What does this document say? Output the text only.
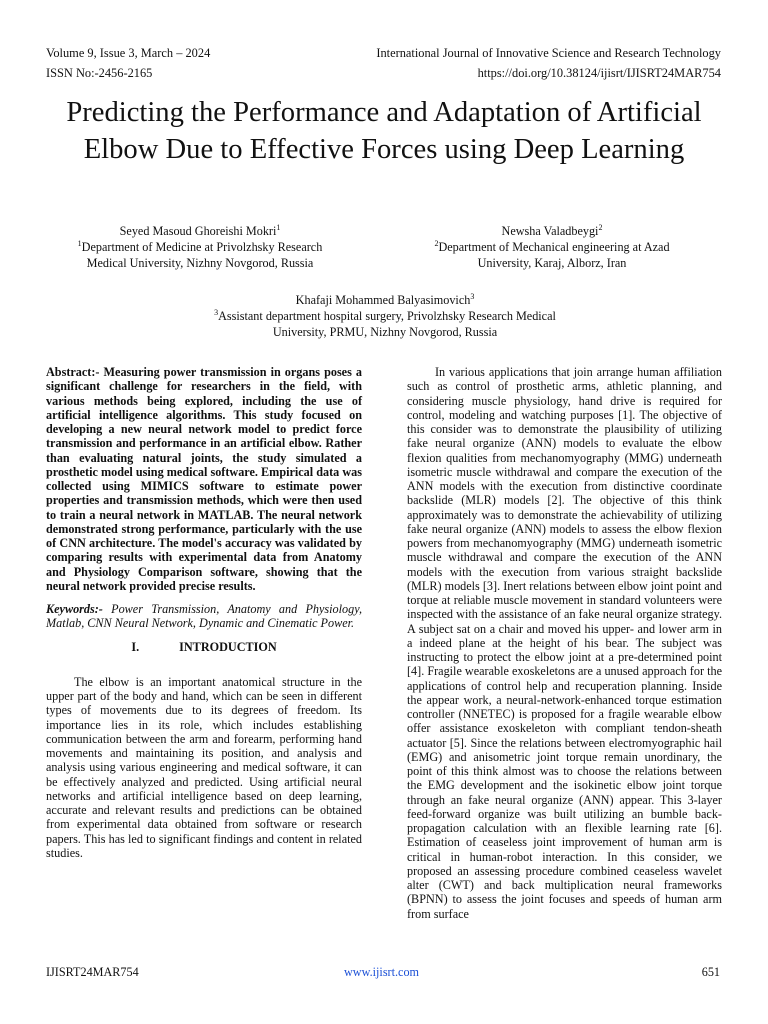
Volume 9, Issue 3, March – 2024	International Journal of Innovative Science and Research Technology
ISSN No:-2456-2165	https://doi.org/10.38124/ijisrt/IJISRT24MAR754
Predicting the Performance and Adaptation of Artificial Elbow Due to Effective Forces using Deep Learning
Seyed Masoud Ghoreishi Mokri$^1$
$^1$Department of Medicine at Privolzhsky Research
Medical University, Nizhny Novgorod, Russia
Newsha Valadbeygi$^2$
$^2$Department of Mechanical engineering at Azad
University, Karaj, Alborz, Iran
Khafaji Mohammed Balyasimovich$^3$
$^3$Assistant department hospital surgery, Privolzhsky Research Medical
University, PRMU, Nizhny Novgorod, Russia

Abstract:- Measuring power transmission in organs poses a significant challenge for researchers in the field, with various methods being explored, including the use of artificial intelligence algorithms. This study focused on developing a new neural network model to predict force transmission and performance in an artificial elbow. Rather than evaluating natural joints, the study simulated a prosthetic model using medical software. Empirical data was collected using MIMICS software to estimate power properties and transmission methods, which were then used to train a neural network in MATLAB. The neural network demonstrated strong performance, particularly with the use of CNN architecture. The model's accuracy was validated by comparing results with experimental data from Anatomy and Physiology Comparison software, showing that the neural network provided precise results.

Keywords:- Power Transmission, Anatomy and Physiology, Matlab, CNN Neural Network, Dynamic and Cinematic Power.

I.	INTRODUCTION

The elbow is an important anatomical structure in the upper part of the body and hand, which can be seen in different types of movements due to its degrees of freedom. Its importance lies in its role, which includes establishing communication between the arm and forearm, performing hand movements and maintaining its position, and analysis and analysis using various engineering and medical software, it can be effectively analyzed and predicted. Using artificial neural networks and artificial intelligence based on deep learning, accurate and relevant results and predictions can be obtained from experimental data obtained from software or research papers. This has led to significant findings and content in related studies.

In various applications that join arrange human affiliation such as control of prosthetic arms, athletic planning, and considering muscle physiology, hand drive is required for control, modeling and watching purposes [1]. The objective of this consider was to demonstrate the plausibility of utilizing fake neural organize (ANN) models to evaluate the elbow flexion qualities from mechanomyography (MMG) underneath isometric muscle withdrawal and compare the execution of the ANN models with the execution from distinctive coordinate backslide (MLR) models [2]. The objective of this think approximately was to demonstrate the achievability of utilizing fake neural organize (ANN) models to assess the elbow flexion powers from mechanomyography (MMG) underneath isometric muscle withdrawal and compare the execution of the ANN models with the execution from various straight backslide (MLR) models [3]. Inert relations between elbow joint point and torque at reliable muscle movement in standard volunteers were inspected with the assistance of an fake neural organize strategy. A subject sat on a chair and moved his upper- and lower arm in a indeed plane at the height of his bear. The subject was instructing to protect the elbow joint at a pre-determined point [4]. Fragile wearable exoskeletons are a unused approach for the applications of control help and recuperation planning. Inside the appear work, a neural-network-enhanced torque estimation controller (NNETEC) is proposed for a fragile wearable elbow offer assistance exoskeleton with compliant tendon-sheath actuator [5]. Since the relations between electromyographic hail (EMG) and anisometric joint torque remain unordinary, the point of this think almost was to choose the relations between the EMG development and the isokinetic elbow joint torque through an fake neural organize (ANN) appear. This 3-layer feed-forward organize was built utilizing an bumble back-propagation calculation with an flexible learning rate [6]. Estimation of ceaseless joint improvement of human arm is critical in human-robot interaction. In this consider, we proposed an assessing procedure combined ceaseless wavelet alter (CWT) and back multiplication neural frameworks (BPNN) to assess the joint focuses and speeds of human arm from surface

IJISRT24MAR754	www.ijisrt.com	651
